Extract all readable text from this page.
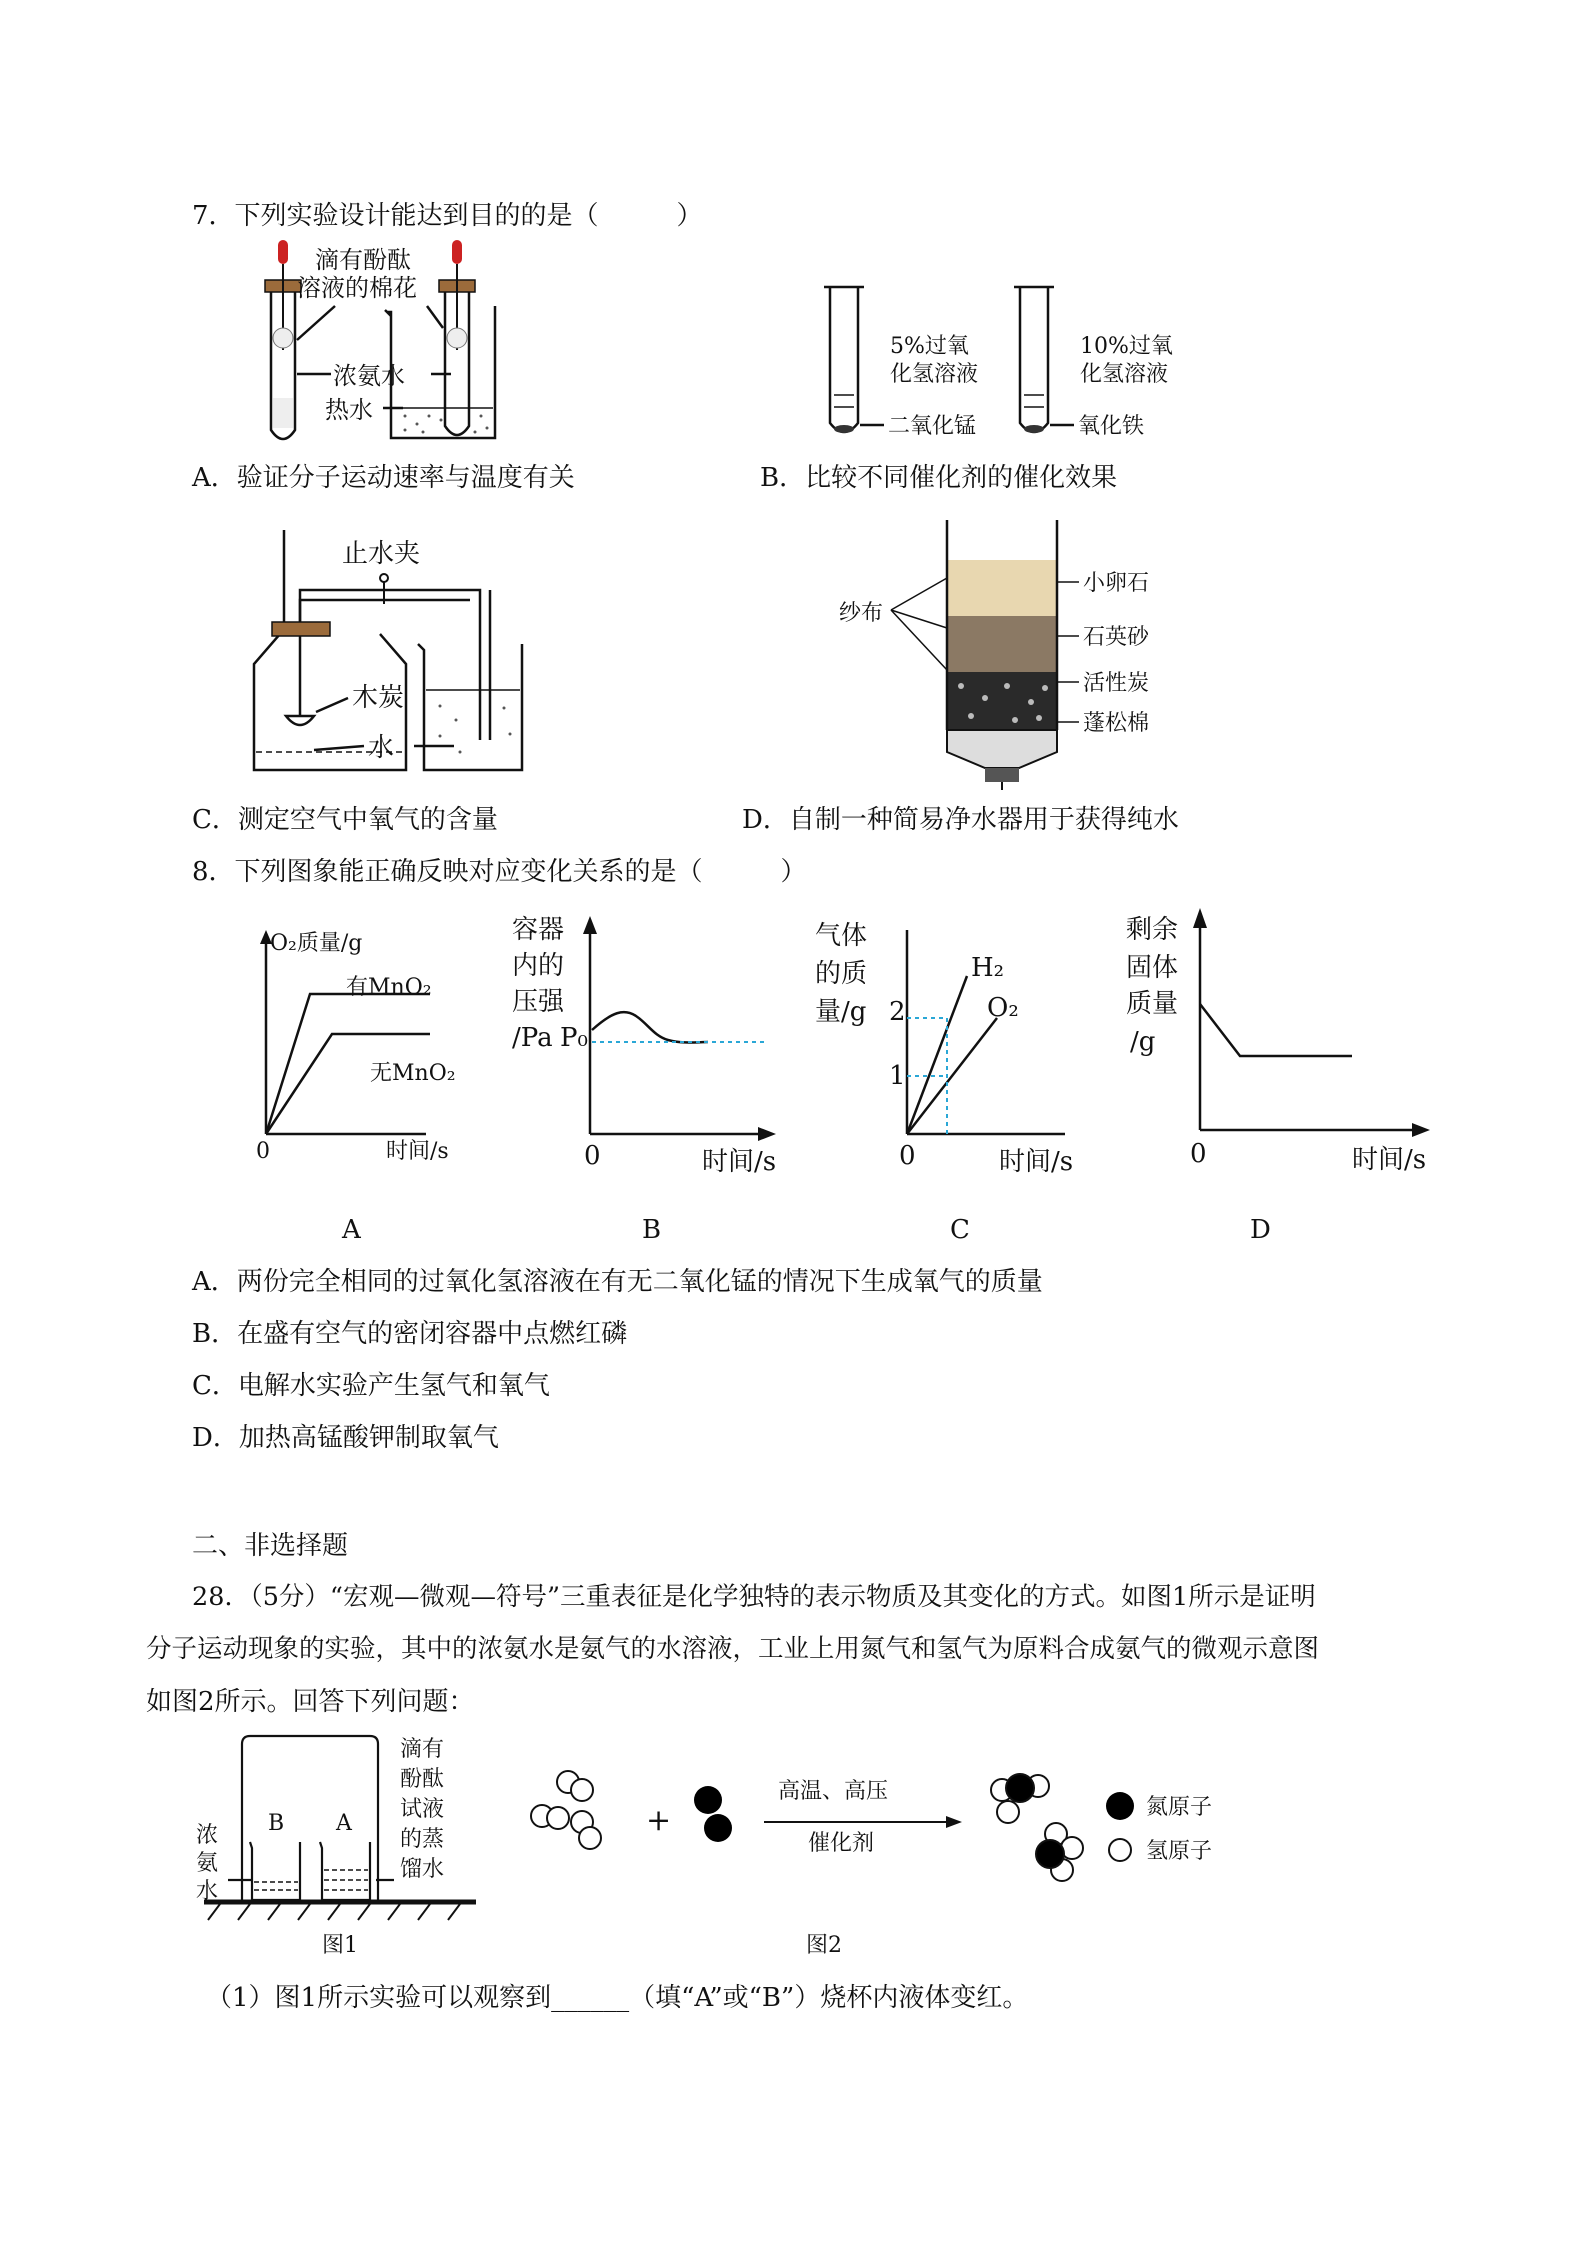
7．下列实验设计能达到目的的是（　　　）
滴有酚酞
溶液的棉花
浓氨水
热水
5%过氧
化氢溶液
二氧化锰
10%过氧
化氢溶液
氧化铁
A．验证分子运动速率与温度有关	B．比较不同催化剂的催化效果
止水夹
木炭
水
纱布
小卵石
石英砂
活性炭
蓬松棉
C．测定空气中氧气的含量	D．自制一种简易净水器用于获得纯水
8．下列图象能正确反映对应变化关系的是（　　　）
O₂质量/g
有MnO₂
无MnO₂
0	时间/s
容器
内的
压强
/Pa P₀
0	时间/s
气体
的质
量/g 2
1
H₂
O₂
0	时间/s
剩余
固体
质量
/g
0	时间/s
A	B	C	D
A．两份完全相同的过氧化氢溶液在有无二氧化锰的情况下生成氧气的质量
B．在盛有空气的密闭容器中点燃红磷
C．电解水实验产生氢气和氧气
D．加热高锰酸钾制取氧气
二、非选择题
28．（5分）“宏观—微观—符号”三重表征是化学独特的表示物质及其变化的方式。如图1所示是证明
分子运动现象的实验，其中的浓氨水是氨气的水溶液，工业上用氮气和氢气为原料合成氨气的微观示意图
如图2所示。回答下列问题：
浓
氨
水
B A
滴有
酚酞
试液
的蒸
馏水
图1
+
高温、高压
催化剂
氮原子
氢原子
图2
（1）图1所示实验可以观察到______（填“A”或“B”）烧杯内液体变红。
